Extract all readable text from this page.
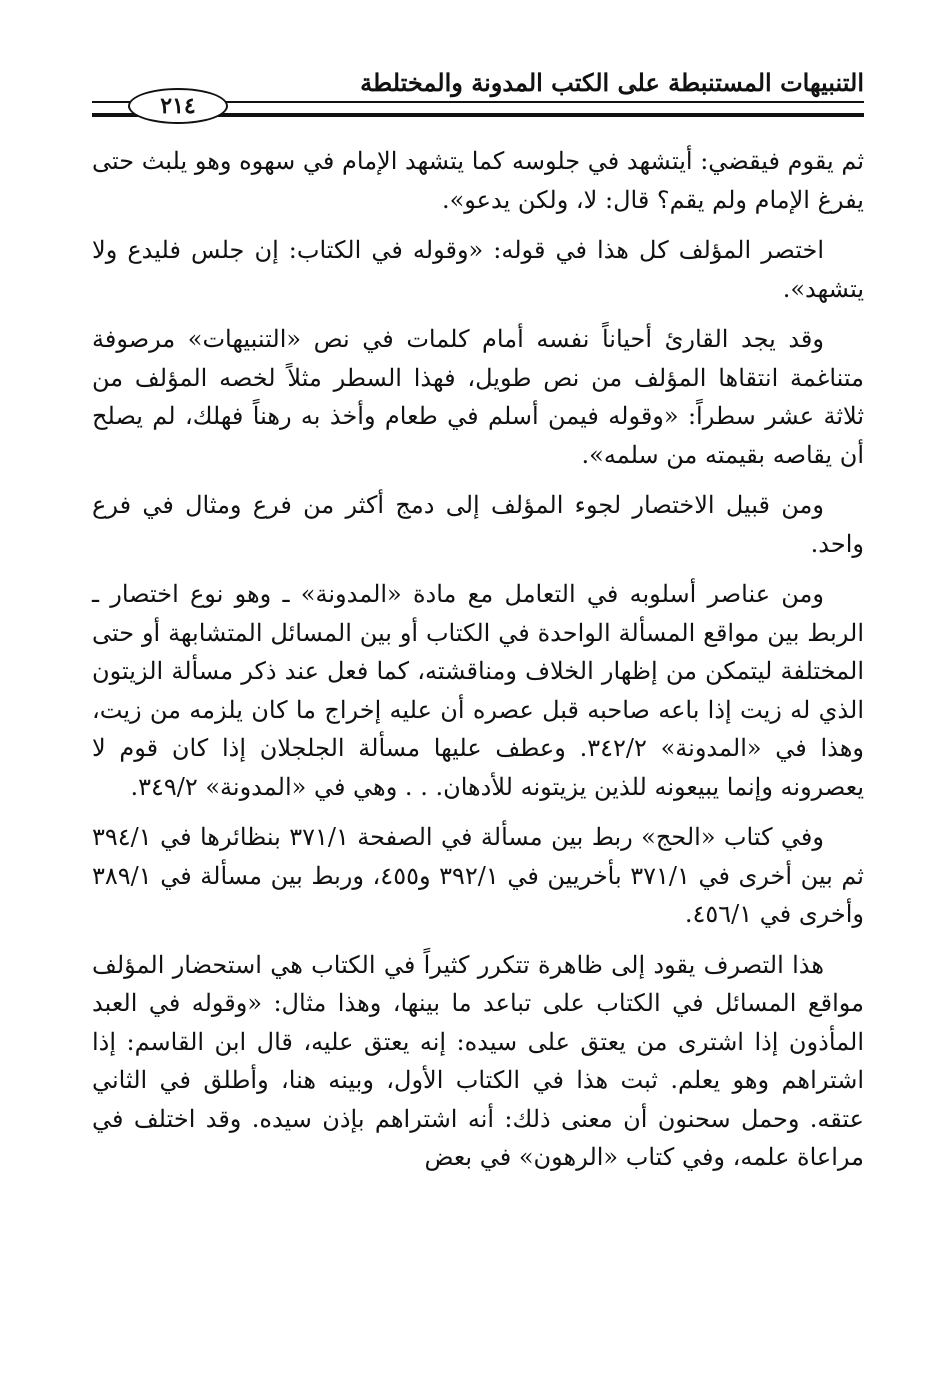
التنبيهات المستنبطة على الكتب المدونة والمختلطة
٢١٤

ثم يقوم فيقضي: أيتشهد في جلوسه كما يتشهد الإمام في سهوه وهو يلبث حتى يفرغ الإمام ولم يقم؟ قال: لا، ولكن يدعو».

اختصر المؤلف كل هذا في قوله: «وقوله في الكتاب: إن جلس فليدع ولا يتشهد».

وقد يجد القارئ أحياناً نفسه أمام كلمات في نص «التنبيهات» مرصوفة متناغمة انتقاها المؤلف من نص طويل، فهذا السطر مثلاً لخصه المؤلف من ثلاثة عشر سطراً: «وقوله فيمن أسلم في طعام وأخذ به رهناً فهلك، لم يصلح أن يقاصه بقيمته من سلمه».

ومن قبيل الاختصار لجوء المؤلف إلى دمج أكثر من فرع ومثال في فرع واحد.

ومن عناصر أسلوبه في التعامل مع مادة «المدونة» ـ وهو نوع اختصار ـ الربط بين مواقع المسألة الواحدة في الكتاب أو بين المسائل المتشابهة أو حتى المختلفة ليتمكن من إظهار الخلاف ومناقشته، كما فعل عند ذكر مسألة الزيتون الذي له زيت إذا باعه صاحبه قبل عصره أن عليه إخراج ما كان يلزمه من زيت، وهذا في «المدونة» ٣٤٢/٢. وعطف عليها مسألة الجلجلان إذا كان قوم لا يعصرونه وإنما يبيعونه للذين يزيتونه للأدهان. . . وهي في «المدونة» ٣٤٩/٢.

وفي كتاب «الحج» ربط بين مسألة في الصفحة ٣٧١/١ بنظائرها في ٣٩٤/١ ثم بين أخرى في ٣٧١/١ بأخريين في ٣٩٢/١ و٤٥٥، وربط بين مسألة في ٣٨٩/١ وأخرى في ٤٥٦/١.

هذا التصرف يقود إلى ظاهرة تتكرر كثيراً في الكتاب هي استحضار المؤلف مواقع المسائل في الكتاب على تباعد ما بينها، وهذا مثال: «وقوله في العبد المأذون إذا اشترى من يعتق على سيده: إنه يعتق عليه، قال ابن القاسم: إذا اشتراهم وهو يعلم. ثبت هذا في الكتاب الأول، وبينه هنا، وأطلق في الثاني عتقه. وحمل سحنون أن معنى ذلك: أنه اشتراهم بإذن سيده. وقد اختلف في مراعاة علمه، وفي كتاب «الرهون» في بعض
